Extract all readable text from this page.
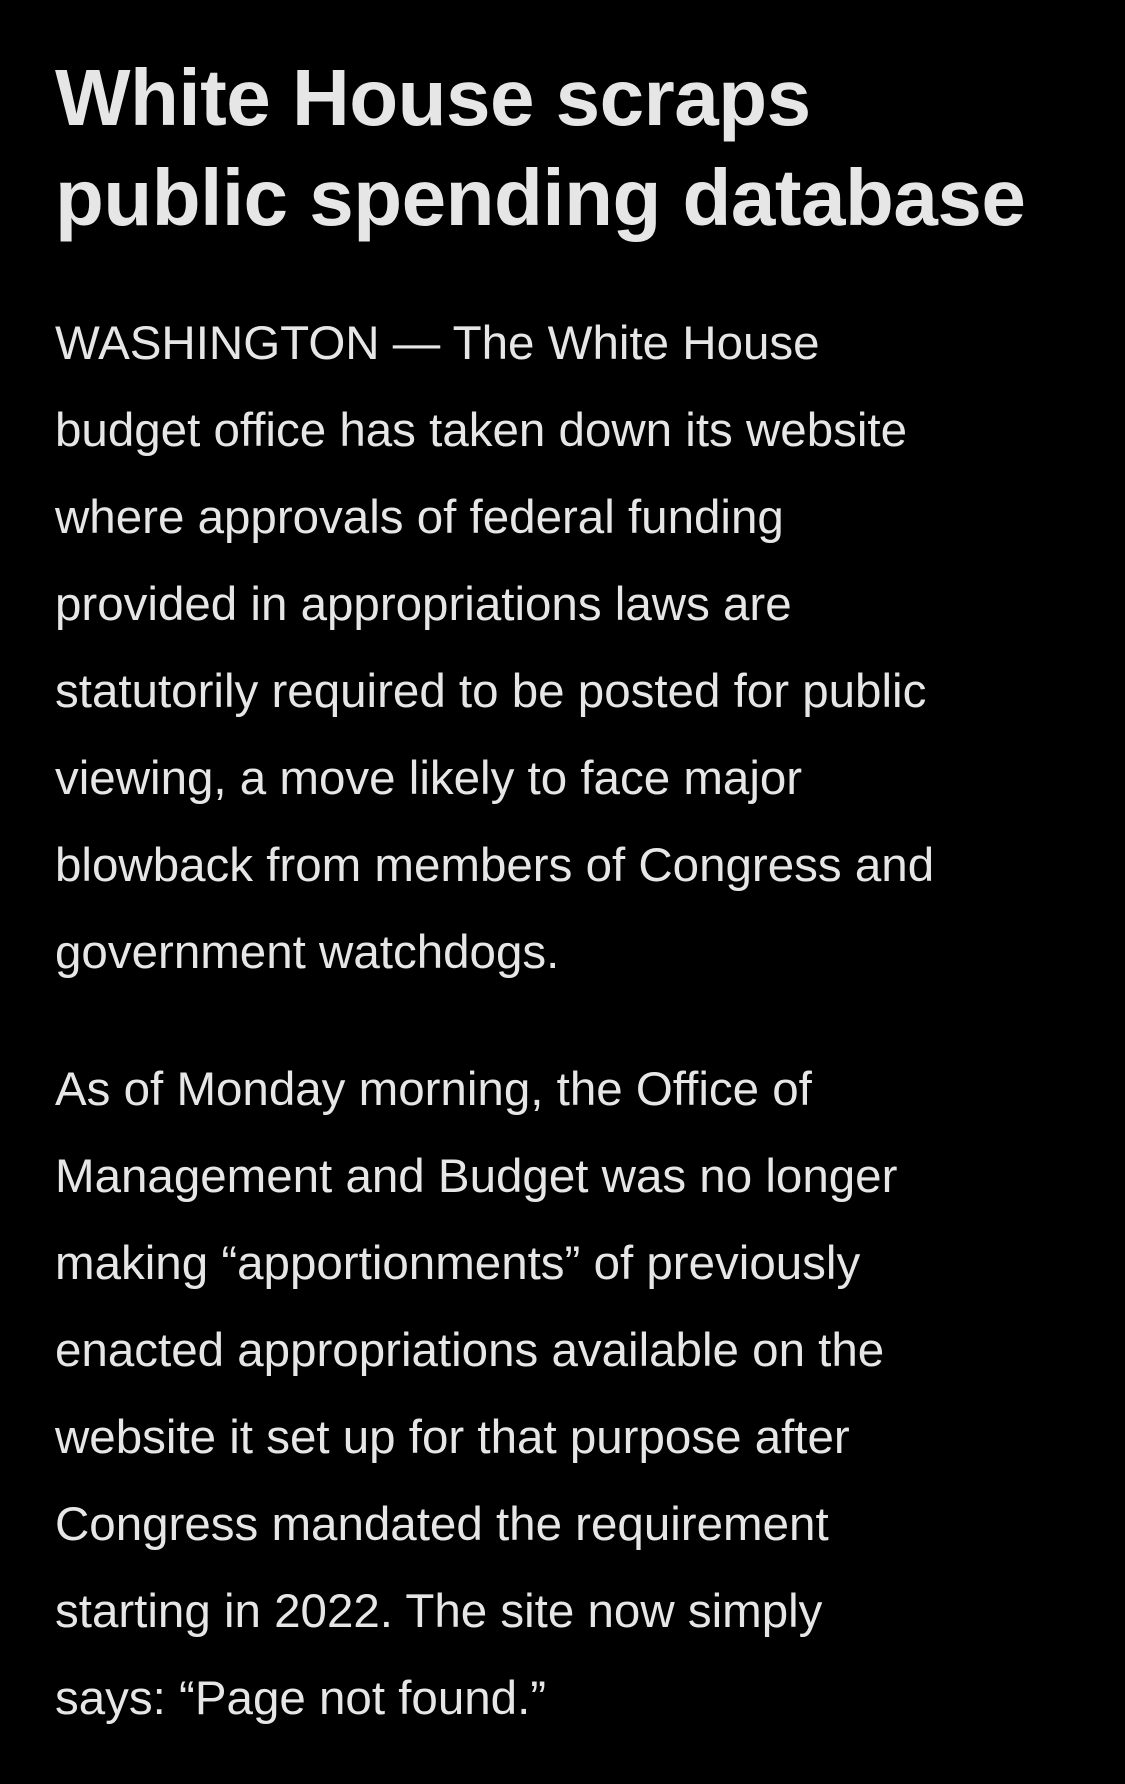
White House scraps
public spending database

WASHINGTON — The White House
budget office has taken down its website
where approvals of federal funding
provided in appropriations laws are
statutorily required to be posted for public
viewing, a move likely to face major
blowback from members of Congress and
government watchdogs.

As of Monday morning, the Office of
Management and Budget was no longer
making “apportionments” of previously
enacted appropriations available on the
website it set up for that purpose after
Congress mandated the requirement
starting in 2022. The site now simply
says: “Page not found.”
